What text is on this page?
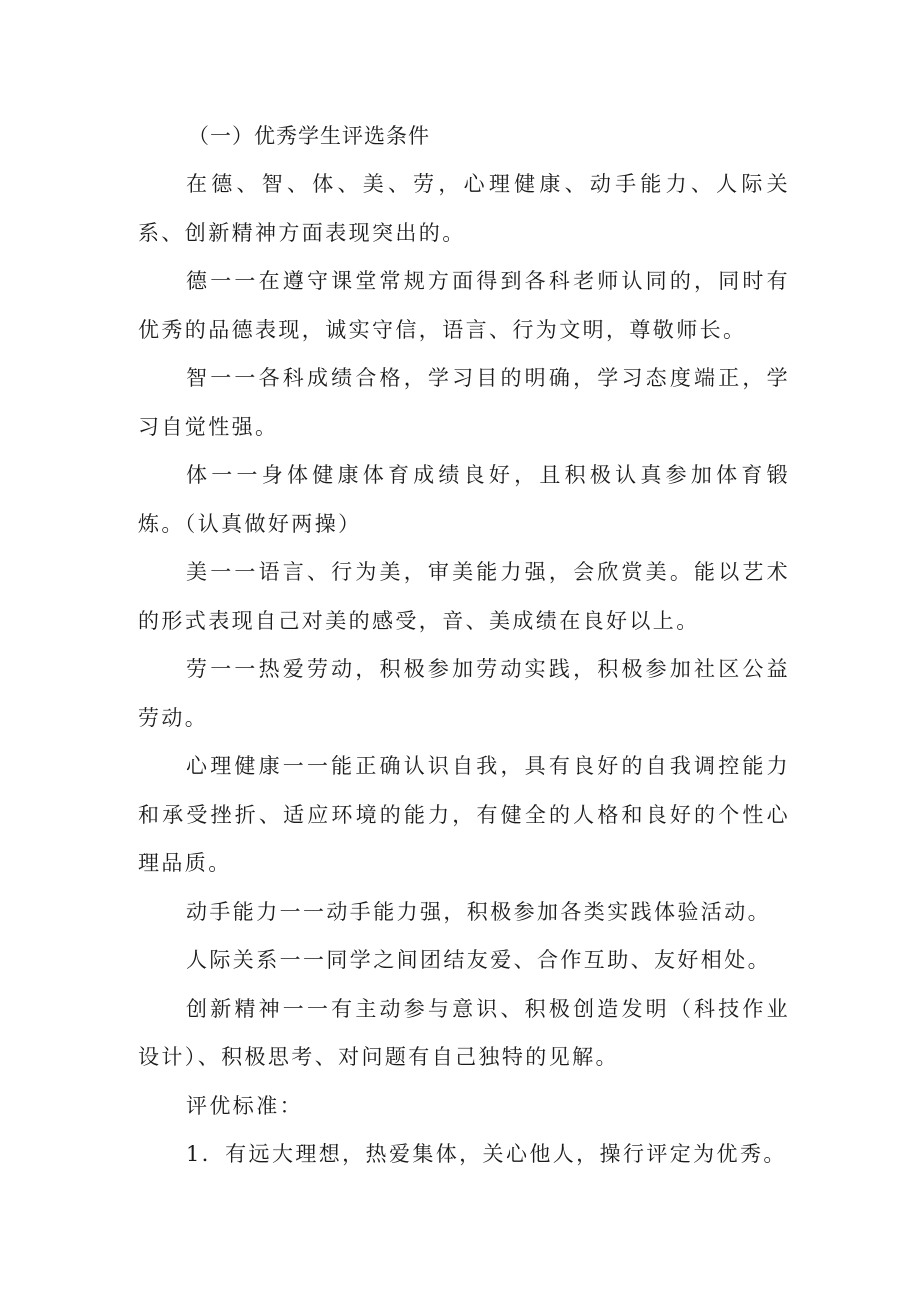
（一）优秀学生评选条件

在德、智、体、美、劳，心理健康、动手能力、人际关系、创新精神方面表现突出的。

德一一在遵守课堂常规方面得到各科老师认同的，同时有优秀的品德表现，诚实守信，语言、行为文明，尊敬师长。

智一一各科成绩合格，学习目的明确，学习态度端正，学习自觉性强。

体一一身体健康体育成绩良好，且积极认真参加体育锻炼。（认真做好两操）

美一一语言、行为美，审美能力强，会欣赏美。能以艺术的形式表现自己对美的感受，音、美成绩在良好以上。

劳一一热爱劳动，积极参加劳动实践，积极参加社区公益劳动。

心理健康一一能正确认识自我，具有良好的自我调控能力和承受挫折、适应环境的能力，有健全的人格和良好的个性心理品质。

动手能力一一动手能力强，积极参加各类实践体验活动。

人际关系一一同学之间团结友爱、合作互助、友好相处。

创新精神一一有主动参与意识、积极创造发明（科技作业设计）、积极思考、对问题有自己独特的见解。

评优标准：

1．有远大理想，热爱集体，关心他人，操行评定为优秀。
